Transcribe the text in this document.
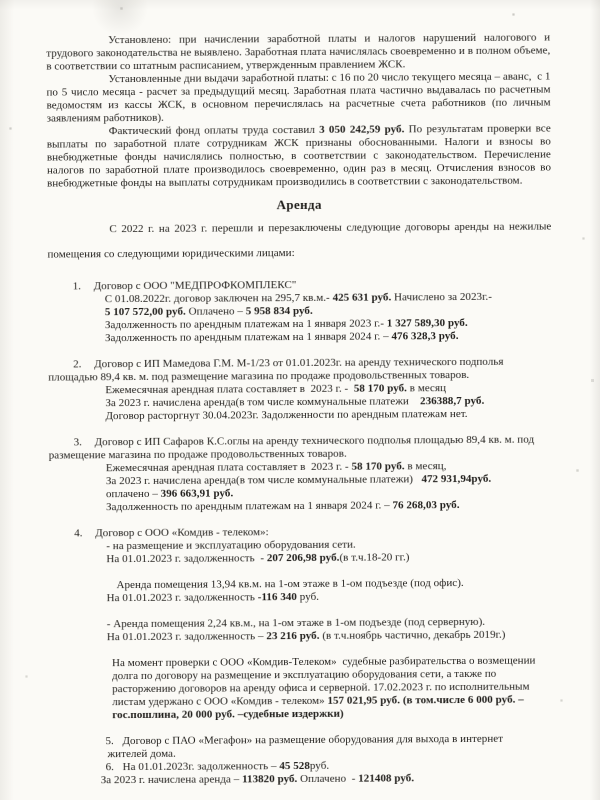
Установлено: при начислении заработной платы и налогов нарушений налогового и трудового законодательства не выявлено. Заработная плата начислялась своевременно и в полном объеме, в соответствии со штатным расписанием, утвержденным правлением ЖСК.
Установленные дни выдачи заработной платы: с 16 по 20 число текущего месяца – аванс,  с 1 по 5 число месяца - расчет за предыдущий месяц. Заработная плата частично выдавалась по расчетным ведомостям из кассы ЖСК, в основном перечислялась на расчетные счета работников (по личным заявлениям работников).
Фактический фонд оплаты труда составил 3 050 242,59 руб. По результатам проверки все выплаты по заработной плате сотрудникам ЖСК признаны обоснованными. Налоги и взносы во внебюджетные фонды начислялись полностью, в соответствии с законодательством. Перечисление налогов по заработной плате производилось своевременно, один раз в месяц. Отчисления взносов во внебюджетные фонды на выплаты сотрудникам производились в соответствии с законодательством.
Аренда
С 2022 г. на 2023 г. перешли и перезаключены следующие договоры аренды на нежилые помещения со следующими юридическими лицами:
1. Договор с ООО "МЕДПРОФКОМПЛЕКС"
С 01.08.2022г. договор заключен на 295,7 кв.м.- 425 631 руб. Начислено за 2023г.-
5 107 572,00 руб. Оплачено – 5 958 834 руб.
Задолженность по арендным платежам на 1 января 2023 г.- 1 327 589,30 руб.
Задолженность по арендным платежам на 1 января 2024 г. – 476 328,3 руб.
2. Договор с ИП Мамедова Г.М. М-1/23 от 01.01.2023г. на аренду технического подполья
площадью 89,4 кв. м. под размещение магазина по продаже продовольственных товаров.
Ежемесячная арендная плата составляет в  2023 г. -  58 170 руб. в месяц
За 2023 г. начислена аренда(в том числе коммунальные платежи    236388,7 руб.
Договор расторгнут 30.04.2023г. Задолженности по арендным платежам нет.
3. Договор с ИП Сафаров К.С.оглы на аренду технического подполья площадью 89,4 кв. м. под
размещение магазина по продаже продовольственных товаров.
Ежемесячная арендная плата составляет в  2023 г. - 58 170 руб. в месяц,
За 2023 г. начислена аренда(в том числе коммунальные платежи)   472 931,94руб.
оплачено – 396 663,91 руб.
Задолженность по арендным платежам на 1 января 2024 г. – 76 268,03 руб.
4. Договор с ООО «Комдив - телеком»:
- на размещение и эксплуатацию оборудования сети.
На 01.01.2023 г. задолженность  - 207 206,98 руб.(в т.ч.18-20 гг.)
Аренда помещения 13,94 кв.м. на 1-ом этаже в 1-ом подъезде (под офис).
На 01.01.2023 г. задолженность -116 340 руб.
- Аренда помещения 2,24 кв.м., на 1-ом этаже в 1-ом подъезде (под серверную).
На 01.01.2023 г. задолженность – 23 216 руб. (в т.ч.ноябрь частично, декабрь 2019г.)
На момент проверки с ООО «Комдив-Телеком»  судебные разбирательства о возмещении долга по договору на размещение и эксплуатацию оборудования сети, а также по расторжению договоров на аренду офиса и серверной. 17.02.2023 г. по исполнительным листам удержано с ООО «Комдив - телеком» 157 021,95 руб. (в том.числе 6 000 руб. –гос.пошлина, 20 000 руб. –судебные издержки)
5. Договор с ПАО «Мегафон» на размещение оборудования для выхода в интернет
жителей дома.
6. На 01.01.2023г. задолженность – 45 528руб.
За 2023 г. начислена аренда – 113820 руб. Оплачено  - 121408 руб.
